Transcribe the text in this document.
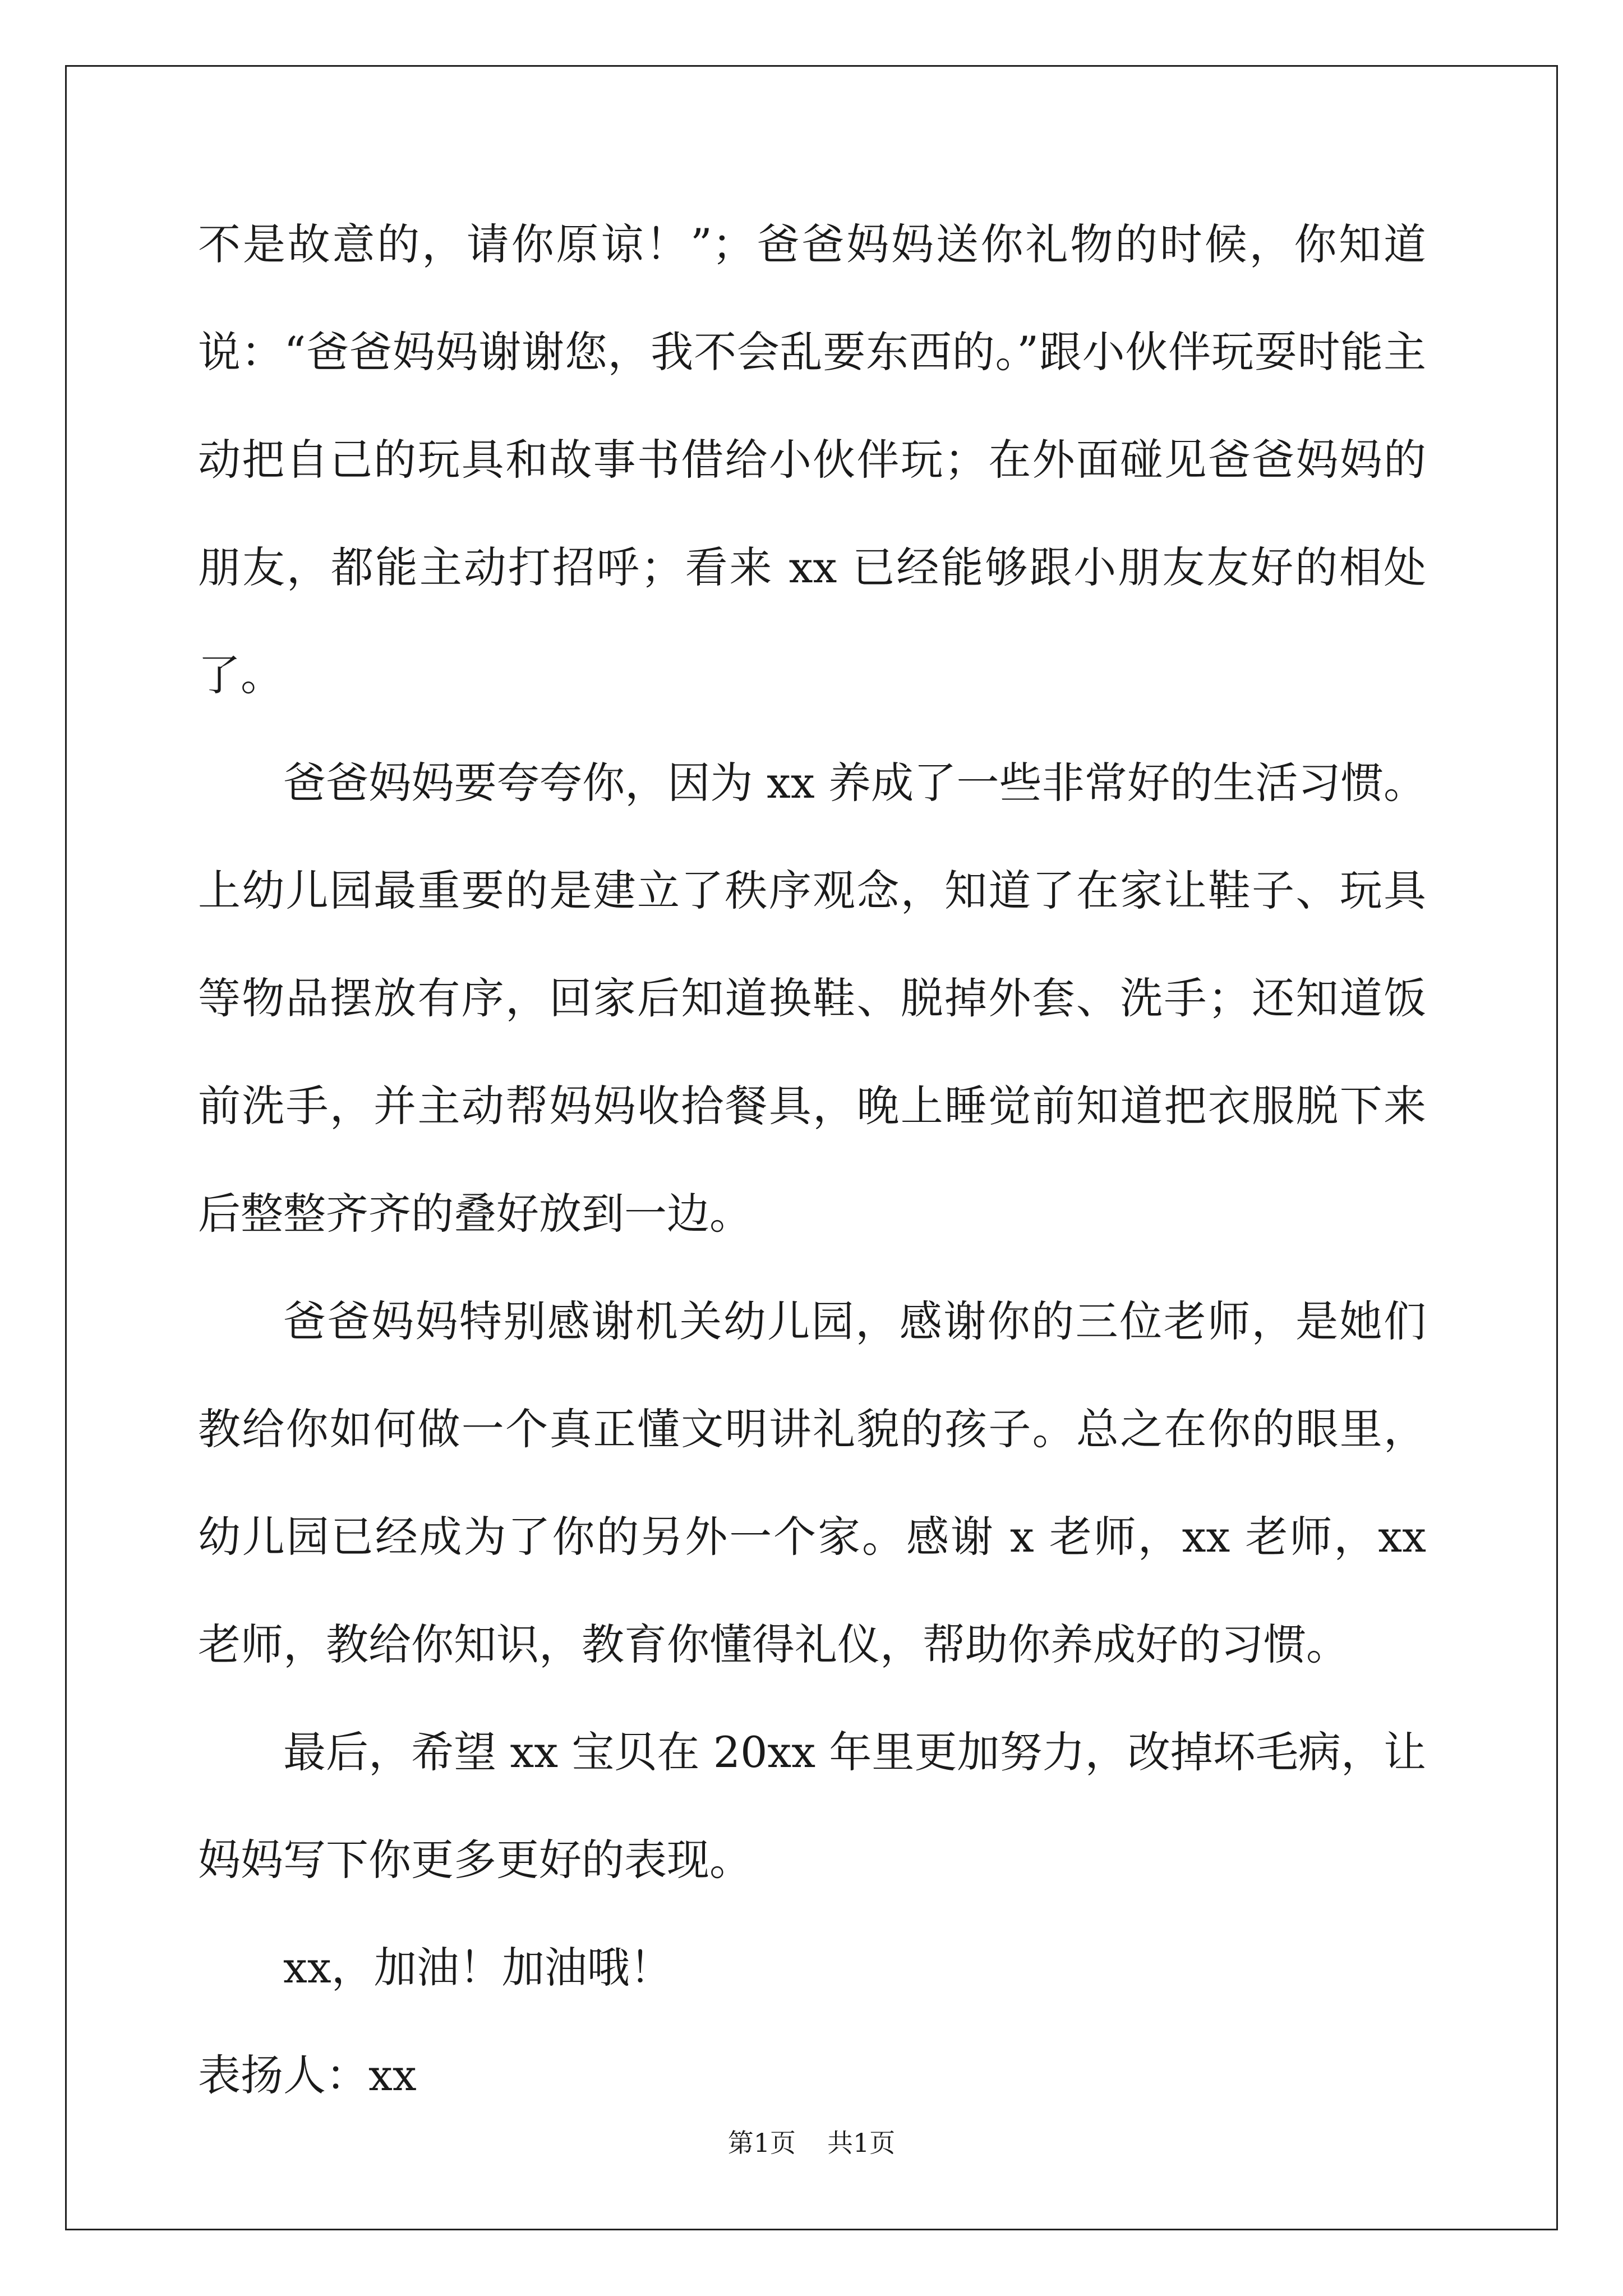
不是故意的，请你原谅！”；爸爸妈妈送你礼物的时候，你知道说：“爸爸妈妈谢谢您，我不会乱要东西的。”跟小伙伴玩耍时能主动把自己的玩具和故事书借给小伙伴玩；在外面碰见爸爸妈妈的朋友，都能主动打招呼；看来 xx 已经能够跟小朋友友好的相处了。

爸爸妈妈要夸夸你，因为 xx 养成了一些非常好的生活习惯。上幼儿园最重要的是建立了秩序观念，知道了在家让鞋子、玩具等物品摆放有序，回家后知道换鞋、脱掉外套、洗手；还知道饭前洗手，并主动帮妈妈收拾餐具，晚上睡觉前知道把衣服脱下来后整整齐齐的叠好放到一边。

爸爸妈妈特别感谢机关幼儿园，感谢你的三位老师，是她们教给你如何做一个真正懂文明讲礼貌的孩子。总之在你的眼里，幼儿园已经成为了你的另外一个家。感谢 x 老师，xx 老师，xx 老师，教给你知识，教育你懂得礼仪，帮助你养成好的习惯。

最后，希望 xx 宝贝在 20xx 年里更加努力，改掉坏毛病，让妈妈写下你更多更好的表现。

xx，加油！加油哦！

表扬人：xx

第1页 共1页
